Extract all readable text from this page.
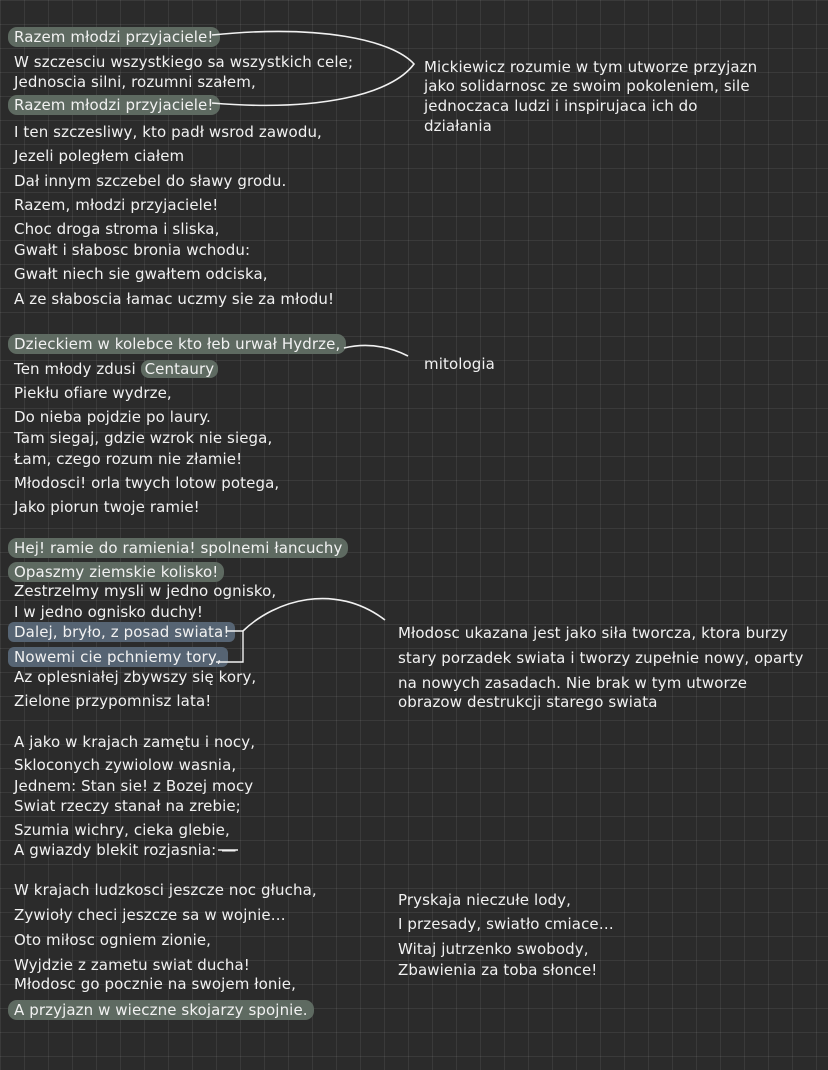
Razem młodzi przyjaciele!
W szczesciu wszystkiego sa wszystkich cele;
Jednoscia silni, rozumni szałem,
Razem młodzi przyjaciele!
I ten szczesliwy, kto padł wsrod zawodu,
Jezeli poległem ciałem
Dał innym szczebel do sławy grodu.
Razem, młodzi przyjaciele!
Choc droga stroma i sliska,
Gwałt i słabosc bronia wchodu:
Gwałt niech sie gwałtem odciska,
A ze słaboscia łamac uczmy sie za młodu!
Dzieckiem w kolebce kto łeb urwał Hydrze,
Ten młody zdusi Centaury
Piekłu ofiare wydrze,
Do nieba pojdzie po laury.
Tam siegaj, gdzie wzrok nie siega,
Łam, czego rozum nie złamie!
Młodosci! orla twych lotow potega,
Jako piorun twoje ramie!
Hej! ramie do ramienia! spolnemi łancuchy
Opaszmy ziemskie kolisko!
Zestrzelmy mysli w jedno ognisko,
I w jedno ognisko duchy!
Dalej, bryło, z posad swiata!
Nowemi cie pchniemy tory,
Az oplesniałej zbywszy się kory,
Zielone przypomnisz lata!
A jako w krajach zamętu i nocy,
Skloconych zywiolow wasnia,
Jednem: Stan sie! z Bozej mocy
Swiat rzeczy stanał na zrebie;
Szumia wichry, cieka glebie,
A gwiazdy blekit rozjasnia: —
W krajach ludzkosci jeszcze noc głucha,
Zywioły checi jeszcze sa w wojnie…
Oto miłosc ogniem zionie,
Wyjdzie z zametu swiat ducha!
Młodosc go pocznie na swojem łonie,
A przyjazn w wieczne skojarzy spojnie.
Mickiewicz rozumie w tym utworze przyjazn
jako solidarnosc ze swoim pokoleniem, sile
jednoczaca ludzi i inspirujaca ich do
działania
mitologia
Młodosc ukazana jest jako siła tworcza, ktora burzy
stary porzadek swiata i tworzy zupełnie nowy, oparty
na nowych zasadach. Nie brak w tym utworze
obrazow destrukcji starego swiata
Pryskaja nieczułe lody,
I przesady, swiatło cmiace…
Witaj jutrzenko swobody,
Zbawienia za toba słonce!
